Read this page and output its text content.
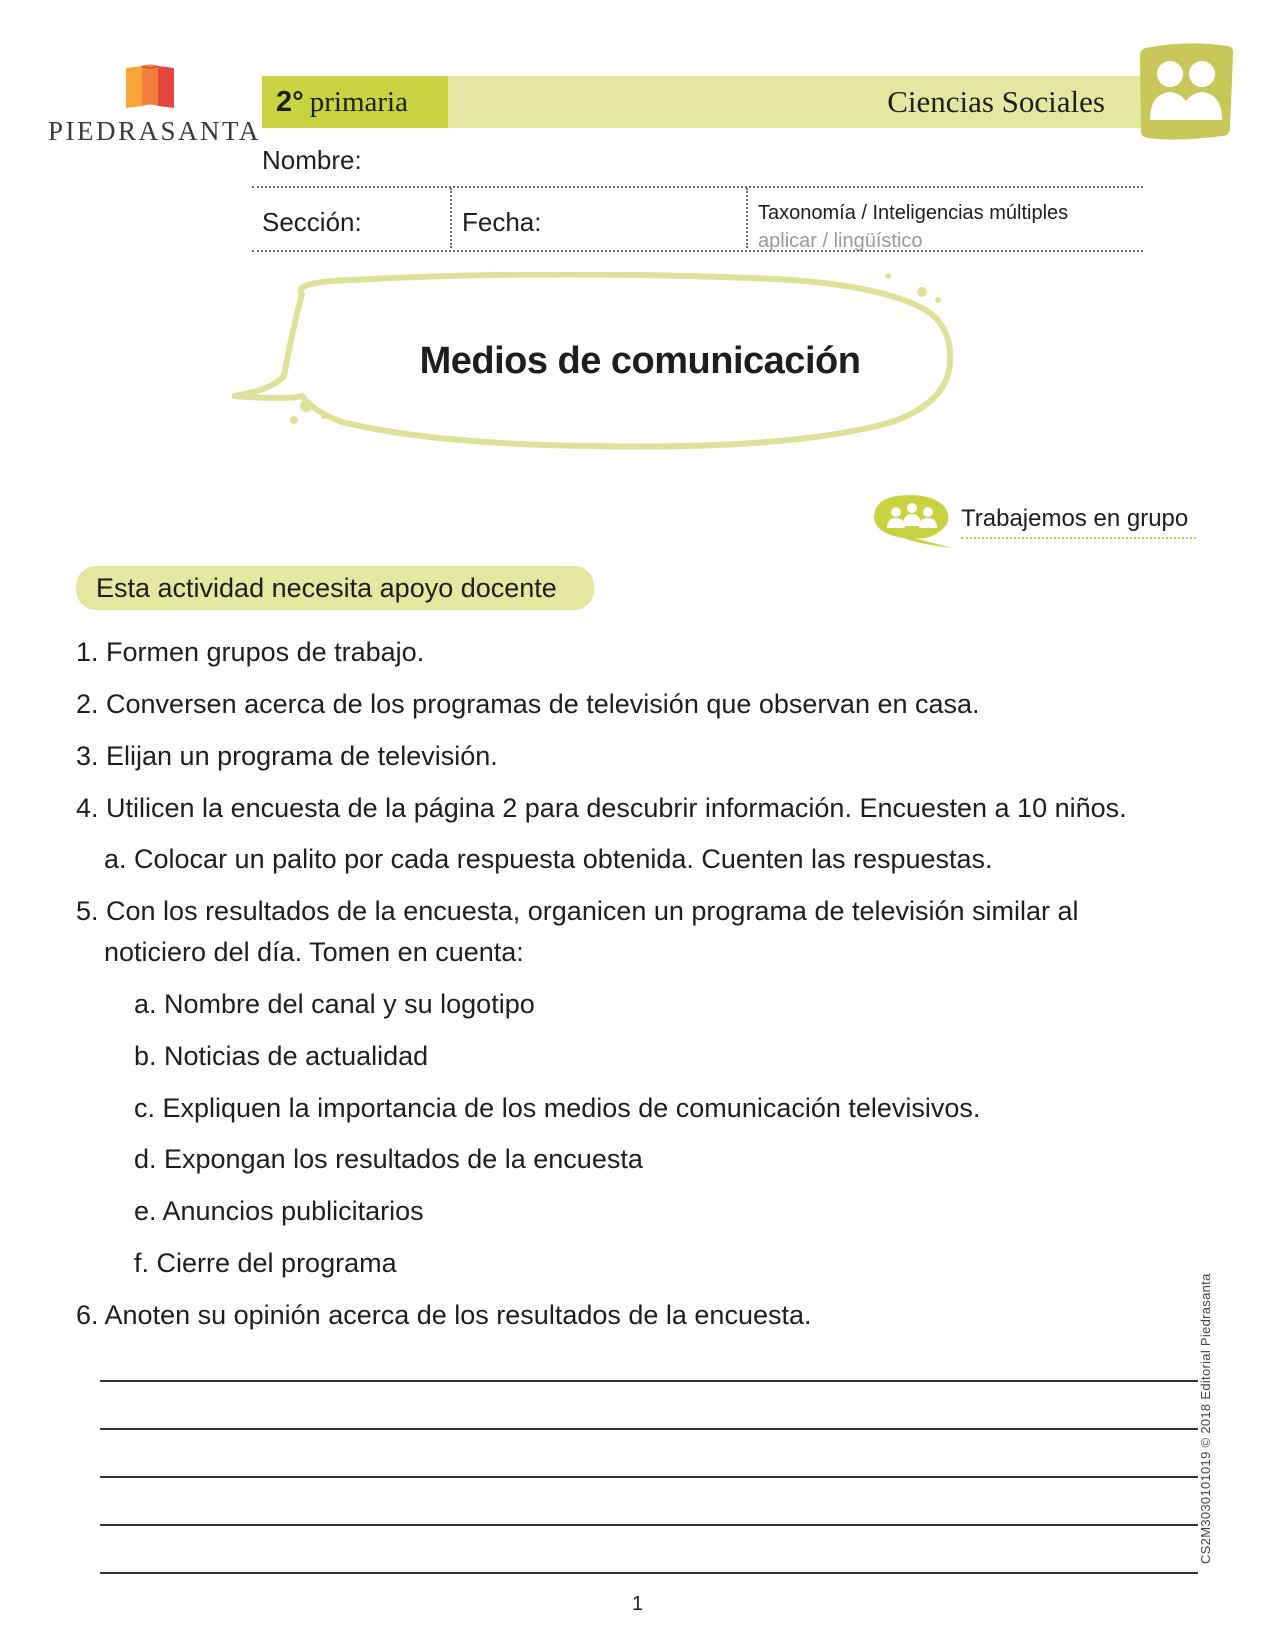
PIEDRASANTA
2° primaria	Ciencias Sociales
Nombre:
Sección:	Fecha:	Taxonomía / Inteligencias múltiples
aplicar / lingüístico
Medios de comunicación
Trabajemos en grupo
Esta actividad necesita apoyo docente
1. Formen grupos de trabajo.
2. Conversen acerca de los programas de televisión que observan en casa.
3. Elijan un programa de televisión.
4. Utilicen la encuesta de la página 2 para descubrir información. Encuesten a 10 niños.
a. Colocar un palito por cada respuesta obtenida. Cuenten las respuestas.
5. Con los resultados de la encuesta, organicen un programa de televisión similar al
noticiero del día. Tomen en cuenta:
a. Nombre del canal y su logotipo
b. Noticias de actualidad
c. Expliquen la importancia de los medios de comunicación televisivos.
d. Expongan los resultados de la encuesta
e. Anuncios publicitarios
f. Cierre del programa
6. Anoten su opinión acerca de los resultados de la encuesta.
1
CS2M3030101019 © 2018 Editorial Piedrasanta
